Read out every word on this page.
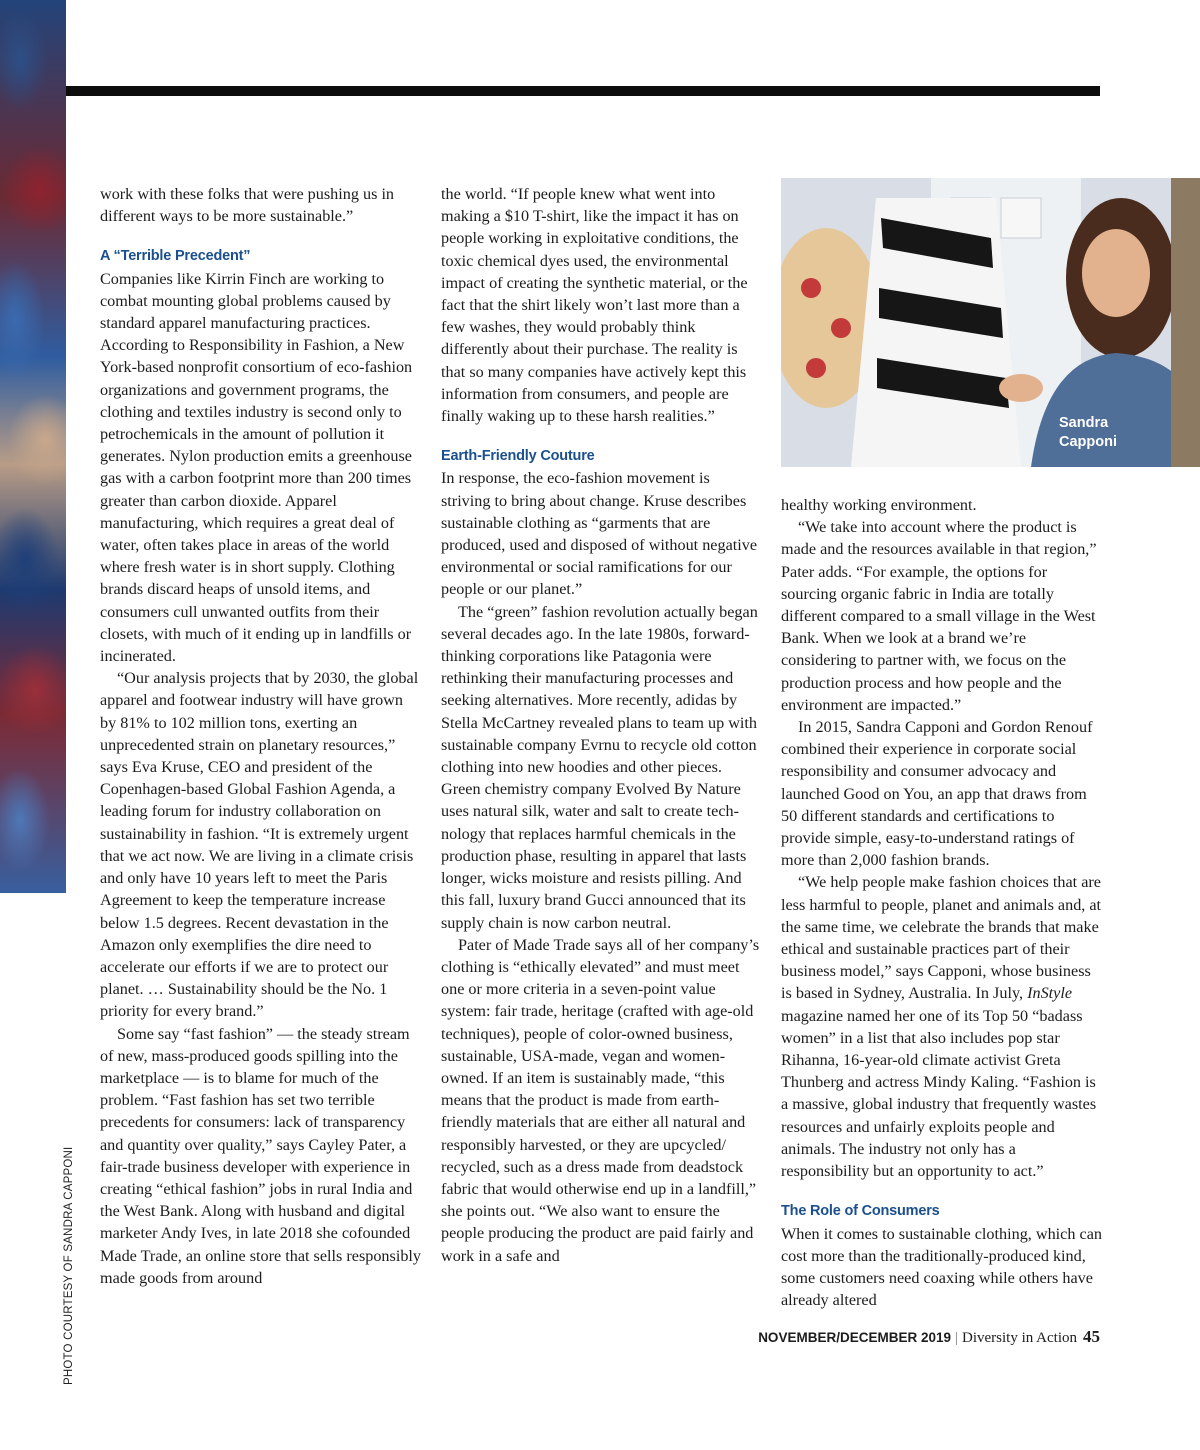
PHOTO COURTESY OF SANDRA CAPPONI

work with these folks that were pushing us in different ways to be more sustainable.”

A “Terrible Precedent”

Companies like Kirrin Finch are working to combat mounting global problems caused by standard apparel manufacturing practices. According to Responsibility in Fashion, a New York-based nonprofit consortium of eco-fashion organizations and government programs, the clothing and textiles industry is second only to petrochemicals in the amount of pollution it generates. Nylon production emits a greenhouse gas with a carbon footprint more than 200 times greater than carbon dioxide. Apparel manufacturing, which requires a great deal of water, often takes place in areas of the world where fresh water is in short supply. Clothing brands discard heaps of unsold items, and consumers cull unwanted outfits from their closets, with much of it ending up in landfills or incinerated.

“Our analysis projects that by 2030, the global apparel and footwear industry will have grown by 81% to 102 million tons, exerting an unprecedented strain on planetary resources,” says Eva Kruse, CEO and president of the Copenhagen-based Global Fashion Agenda, a leading forum for industry collaboration on sustainability in fashion. “It is extremely urgent that we act now. We are living in a climate crisis and only have 10 years left to meet the Paris Agreement to keep the temperature increase below 1.5 degrees. Recent devastation in the Amazon only exemplifies the dire need to accelerate our efforts if we are to protect our planet. … Sustainability should be the No. 1 priority for every brand.”

Some say “fast fashion” — the steady stream of new, mass-produced goods spilling into the marketplace — is to blame for much of the problem. “Fast fashion has set two terrible precedents for consumers: lack of transparency and quantity over quality,” says Cayley Pater, a fair-trade business developer with experience in creating “ethical fashion” jobs in rural India and the West Bank. Along with husband and digital marketer Andy Ives, in late 2018 she cofounded Made Trade, an online store that sells responsibly made goods from around

the world. “If people knew what went into making a $10 T-shirt, like the impact it has on people working in exploitative conditions, the toxic chemical dyes used, the environmental impact of creating the synthetic material, or the fact that the shirt likely won’t last more than a few washes, they would probably think differently about their purchase. The reality is that so many companies have actively kept this information from consumers, and people are finally waking up to these harsh realities.”

Earth-Friendly Couture

In response, the eco-fashion movement is striving to bring about change. Kruse describes sustainable clothing as “garments that are produced, used and disposed of without negative environmental or social ramifications for our people or our planet.”

The “green” fashion revolution actually began several decades ago. In the late 1980s, forward-thinking corporations like Patagonia were rethinking their manufacturing processes and seeking alternatives. More recently, adidas by Stella McCartney revealed plans to team up with sustainable company Evrnu to recycle old cotton clothing into new hoodies and other pieces. Green chemistry company Evolved By Nature uses natural silk, water and salt to create technology that replaces harmful chemicals in the production phase, resulting in apparel that lasts longer, wicks moisture and resists pilling. And this fall, luxury brand Gucci announced that its supply chain is now carbon neutral.

Pater of Made Trade says all of her company’s clothing is “ethically elevated” and must meet one or more criteria in a seven-point value system: fair trade, heritage (crafted with age-old techniques), people of color-owned business, sustainable, USA-made, vegan and women-owned. If an item is sustainably made, “this means that the product is made from earth-friendly materials that are either all natural and responsibly harvested, or they are upcycled/ recycled, such as a dress made from deadstock fabric that would otherwise end up in a landfill,” she points out. “We also want to ensure the people producing the product are paid fairly and work in a safe and

Sandra
Capponi

healthy working environment.

“We take into account where the product is made and the resources available in that region,” Pater adds. “For example, the options for sourcing organic fabric in India are totally different compared to a small village in the West Bank. When we look at a brand we’re considering to partner with, we focus on the production process and how people and the environment are impacted.”

In 2015, Sandra Capponi and Gordon Renouf combined their experience in corporate social responsibility and consumer advocacy and launched Good on You, an app that draws from 50 different standards and certifications to provide simple, easy-to-understand ratings of more than 2,000 fashion brands.

“We help people make fashion choices that are less harmful to people, planet and animals and, at the same time, we celebrate the brands that make ethical and sustainable practices part of their business model,” says Capponi, whose business is based in Sydney, Australia. In July, InStyle magazine named her one of its Top 50 “badass women” in a list that also includes pop star Rihanna, 16-year-old climate activist Greta Thunberg and actress Mindy Kaling. “Fashion is a massive, global industry that frequently wastes resources and unfairly exploits people and animals. The industry not only has a responsibility but an opportunity to act.”

The Role of Consumers

When it comes to sustainable clothing, which can cost more than the traditionally-produced kind, some customers need coaxing while others have already altered

NOVEMBER/DECEMBER 2019 | Diversity in Action 45
